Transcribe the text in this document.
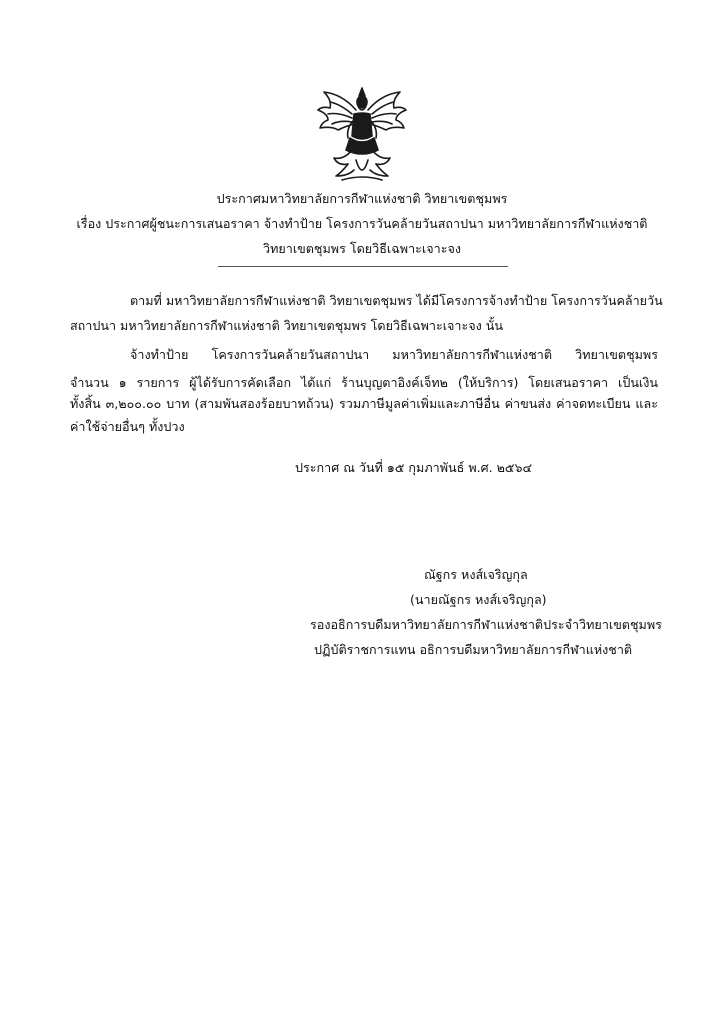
ประกาศมหาวิทยาลัยการกีฬาแห่งชาติ วิทยาเขตชุมพร
เรื่อง ประกาศผู้ชนะการเสนอราคา จ้างทำป้าย โครงการวันคล้ายวันสถาปนา มหาวิทยาลัยการกีฬาแห่งชาติ
วิทยาเขตชุมพร โดยวิธีเฉพาะเจาะจง
ตามที่ มหาวิทยาลัยการกีฬาแห่งชาติ วิทยาเขตชุมพร ได้มีโครงการจ้างทำป้าย โครงการวันคล้ายวัน
สถาปนา มหาวิทยาลัยการกีฬาแห่งชาติ วิทยาเขตชุมพร โดยวิธีเฉพาะเจาะจง นั้น
จ้างทำป้าย โครงการวันคล้ายวันสถาปนา มหาวิทยาลัยการกีฬาแห่งชาติ วิทยาเขตชุมพร
จำนวน ๑ รายการ ผู้ได้รับการคัดเลือก ได้แก่ ร้านบุญตาอิงค์เจ็ท๒ (ให้บริการ) โดยเสนอราคา เป็นเงิน
ทั้งสิ้น ๓,๒๐๐.๐๐ บาท (สามพันสองร้อยบาทถ้วน) รวมภาษีมูลค่าเพิ่มและภาษีอื่น ค่าขนส่ง ค่าจดทะเบียน และ
ค่าใช้จ่ายอื่นๆ ทั้งปวง
ประกาศ ณ วันที่ ๑๕ กุมภาพันธ์ พ.ศ. ๒๕๖๔
ณัฐกร หงส์เจริญกุล
(นายณัฐกร หงส์เจริญกุล)
รองอธิการบดีมหาวิทยาลัยการกีฬาแห่งชาติประจำวิทยาเขตชุมพร
ปฏิบัติราชการแทน อธิการบดีมหาวิทยาลัยการกีฬาแห่งชาติ
